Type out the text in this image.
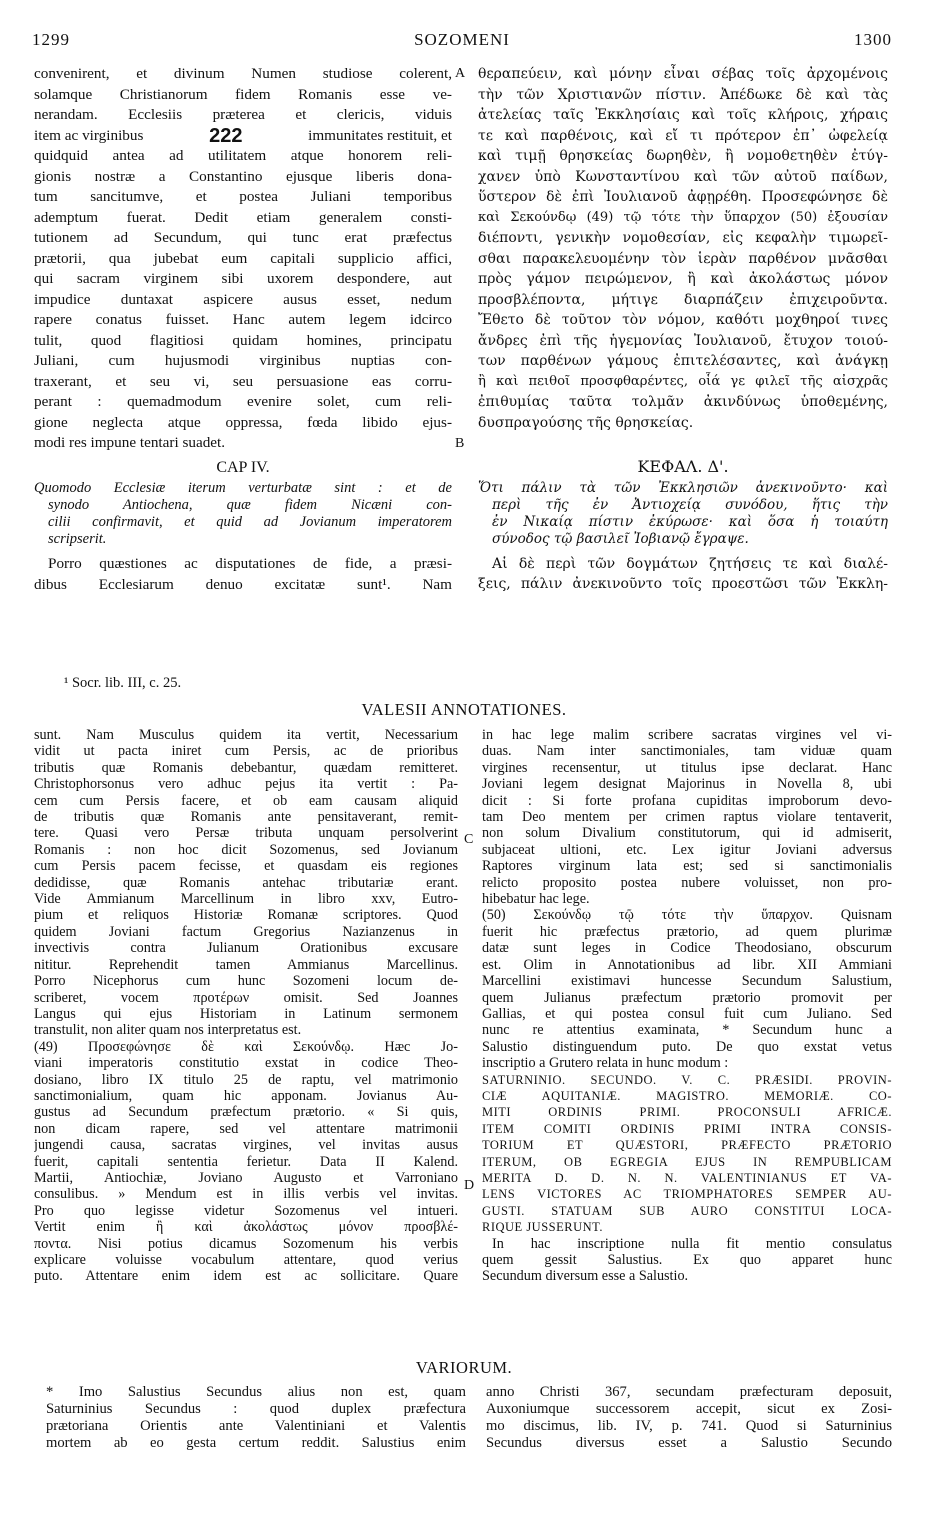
1299	SOZOMENI	1300
convenirent, et divinum Numen studiose colerent,
solamque Christianorum fidem Romanis esse ve-
nerandam. Ecclesiis præterea et clericis, viduis
item ac virginibus	222	immunitates restituit, et
quidquid antea ad utilitatem atque honorem reli-
gionis nostræ a Constantino ejusque liberis dona-
tum sancitumve, et postea Juliani temporibus
ademptum fuerat. Dedit etiam generalem consti-
tutionem ad Secundum, qui tunc erat præfectus
prætorii, qua jubebat eum capitali supplicio affici,
qui sacram virginem sibi uxorem despondere, aut
impudice duntaxat aspicere ausus esset, nedum
rapere conatus fuisset. Hanc autem legem idcirco
tulit, quod flagitiosi quidam homines, principatu
Juliani, cum hujusmodi virginibus nuptias con-
traxerant, et seu vi, seu persuasione eas corru-
perant : quemadmodum evenire solet, cum reli-
gione neglecta atque oppressa, fœda libido ejus-
modi res impune tentari suadet.
CAP IV.
Quomodo Ecclesiæ iterum verturbatæ sint : et de
synodo Antiochena, quæ fidem Nicæni con-
cilii confirmavit, et quid ad Jovianum imperatorem
scripserit.
Porro quæstiones ac disputationes de fide, a præsi-
dibus Ecclesiarum denuo excitatæ sunt¹. Nam
¹ Socr. lib. III, c. 25.
A
B
C
D
θεραπεύειν, καὶ μόνην εἶναι σέβας τοῖς ἀρχομένοις
τὴν τῶν Χριστιανῶν πίστιν. Ἀπέδωκε δὲ καὶ τὰς
ἀτελείας ταῖς Ἐκκλησίαις καὶ τοῖς κλήροις, χήραις
τε καὶ παρθένοις, καὶ εἴ τι πρότερον ἐπ᾽ ὠφελείᾳ
καὶ τιμῇ θρησκείας δωρηθὲν, ἢ νομοθετηθὲν ἐτύγ-
χανεν ὑπὸ Κωνσταντίνου καὶ τῶν αὐτοῦ παίδων,
ὕστερον δὲ ἐπὶ Ἰουλιανοῦ ἀφῃρέθη. Προσεφώνησε δὲ
καὶ Σεκούνδῳ (49) τῷ τότε τὴν ὕπαρχον (50) ἐξουσίαν
διέποντι, γενικὴν νομοθεσίαν, εἰς κεφαλὴν τιμωρεῖ-
σθαι παρακελευομένην τὸν ἱερὰν παρθένον μνᾶσθαι
πρὸς γάμον πειρώμενον, ἢ καὶ ἀκολάστως μόνον
προσβλέποντα, μήτιγε διαρπάζειν ἐπιχειροῦντα.
Ἔθετο δὲ τοῦτον τὸν νόμον, καθότι μοχθηροί τινες
ἄνδρες ἐπὶ τῆς ἡγεμονίας Ἰουλιανοῦ, ἔτυχον τοιού-
των παρθένων γάμους ἐπιτελέσαντες, καὶ ἀνάγκῃ
ἢ καὶ πειθοῖ προσφθαρέντες, οἷά γε φιλεῖ τῆς αἰσχρᾶς
ἐπιθυμίας ταῦτα τολμᾶν ἀκινδύνως ὑποθεμένης,
δυσπραγούσης τῆς θρησκείας.
ΚΕΦΑΛ. Δ'.
Ὅτι πάλιν τὰ τῶν Ἐκκλησιῶν ἀνεκινοῦντο· καὶ
περὶ τῆς ἐν Ἀντιοχείᾳ συνόδου, ἥτις τὴν
ἐν Νικαίᾳ πίστιν ἐκύρωσε· καὶ ὅσα ἡ τοιαύτη
σύνοδος τῷ βασιλεῖ Ἰοβιανῷ ἔγραψε.
Αἱ δὲ περὶ τῶν δογμάτων ζητήσεις τε καὶ διαλέ-
ξεις, πάλιν ἀνεκινοῦντο τοῖς προεστῶσι τῶν Ἐκκλη-
VALESII ANNOTATIONES.
sunt. Nam Musculus quidem ita vertit, Necessarium
vidit ut pacta iniret cum Persis, ac de prioribus
tributis quæ Romanis debebantur, quædam remitteret.
Christophorsonus vero adhuc pejus ita vertit : Pa-
cem cum Persis facere, et ob eam causam aliquid
de tributis quæ Romanis ante pensitaverant, remit-
tere. Quasi vero Persæ tributa unquam persolverint
Romanis : non hoc dicit Sozomenus, sed Jovianum
cum Persis pacem fecisse, et quasdam eis regiones
dedidisse, quæ Romanis antehac tributariæ erant.
Vide Ammianum Marcellinum in libro xxv, Eutro-
pium et reliquos Historiæ Romanæ scriptores. Quod
quidem Joviani factum Gregorius Nazianzenus in
invectivis contra Julianum Orationibus excusare
nititur. Reprehendit tamen Ammianus Marcellinus.
Porro Nicephorus cum hunc Sozomeni locum de-
scriberet, vocem προτέρων omisit. Sed Joannes
Langus qui ejus Historiam in Latinum sermonem
transtulit, non aliter quam nos interpretatus est.
(49) Προσεφώνησε δὲ καὶ Σεκούνδῳ. Hæc Jo-
viani imperatoris constitutio exstat in codice Theo-
dosiano, libro IX titulo 25 de raptu, vel matrimonio
sanctimonialium, quam hic apponam. Jovianus Au-
gustus ad Secundum præfectum prætorio. « Si quis,
non dicam rapere, sed vel attentare matrimonii
jungendi causa, sacratas virgines, vel invitas ausus
fuerit, capitali sententia ferietur. Data II Kalend.
Martii, Antiochiæ, Joviano Augusto et Varroniano
consulibus. » Mendum est in illis verbis vel invitas.
Pro quo legisse videtur Sozomenus vel intueri.
Vertit enim ἢ καὶ ἀκολάστως μόνον προσβλέ-
ποντα. Nisi potius dicamus Sozomenum his verbis
explicare voluisse vocabulum attentare, quod verius
puto. Attentare enim idem est ac sollicitare. Quare
in hac lege malim scribere sacratas virgines vel vi-
duas. Nam inter sanctimoniales, tam viduæ quam
virgines recensentur, ut titulus ipse declarat. Hanc
Joviani legem designat Majorinus in Novella 8, ubi
dicit : Si forte profana cupiditas improborum devo-
tam Deo mentem per crimen raptus violare tentaverit,
non solum Divalium constitutorum, qui id admiserit,
subjaceat ultioni, etc. Lex igitur Joviani adversus
Raptores virginum lata est; sed si sanctimonialis
relicto proposito postea nubere voluisset, non pro-
hibebatur hac lege.
(50) Σεκούνδῳ τῷ τότε τὴν ὕπαρχον. Quisnam
fuerit hic præfectus prætorio, ad quem plurimæ
datæ sunt leges in Codice Theodosiano, obscurum
est. Olim in Annotationibus ad libr. XII Ammiani
Marcellini existimavi huncesse Secundum Salustium,
quem Julianus præfectum prætorio promovit per
Gallias, et qui postea consul fuit cum Juliano. Sed
nunc re attentius examinata, * Secundum hunc a
Salustio distinguendum puto. De quo exstat vetus
inscriptio a Grutero relata in hunc modum :
SATURNINIO. SECUNDO. V. C. PRÆSIDI. PROVIN-
CIÆ AQUITANIÆ. MAGISTRO. MEMORIÆ. CO-
MITI ORDINIS PRIMI. PROCONSULI AFRICÆ.
ITEM COMITI ORDINIS PRIMI INTRA CONSIS-
TORIUM ET QUÆSTORI, PRÆFECTO PRÆTORIO
ITERUM, OB EGREGIA EJUS IN REMPUBLICAM
MERITA D. D. N. N. VALENTINIANUS ET VA-
LENS VICTORES AC TRIOMPHATORES SEMPER AU-
GUSTI. STATUAM SUB AURO CONSTITUI LOCA-
RIQUE JUSSERUNT.
In hac inscriptione nulla fit mentio consulatus
quem gessit Salustius. Ex quo apparet hunc
Secundum diversum esse a Salustio.
VARIORUM.
* Imo Salustius Secundus alius non est, quam
Saturninius Secundus : quod duplex præfectura
prætoriana Orientis ante Valentiniani et Valentis
mortem ab eo gesta certum reddit. Salustius enim
anno Christi 367, secundam præfecturam deposuit,
Auxoniumque successorem accepit, sicut ex Zosi-
mo discimus, lib. IV, p. 741. Quod si Saturninius
Secundus diversus esset a Salustio Secundo
